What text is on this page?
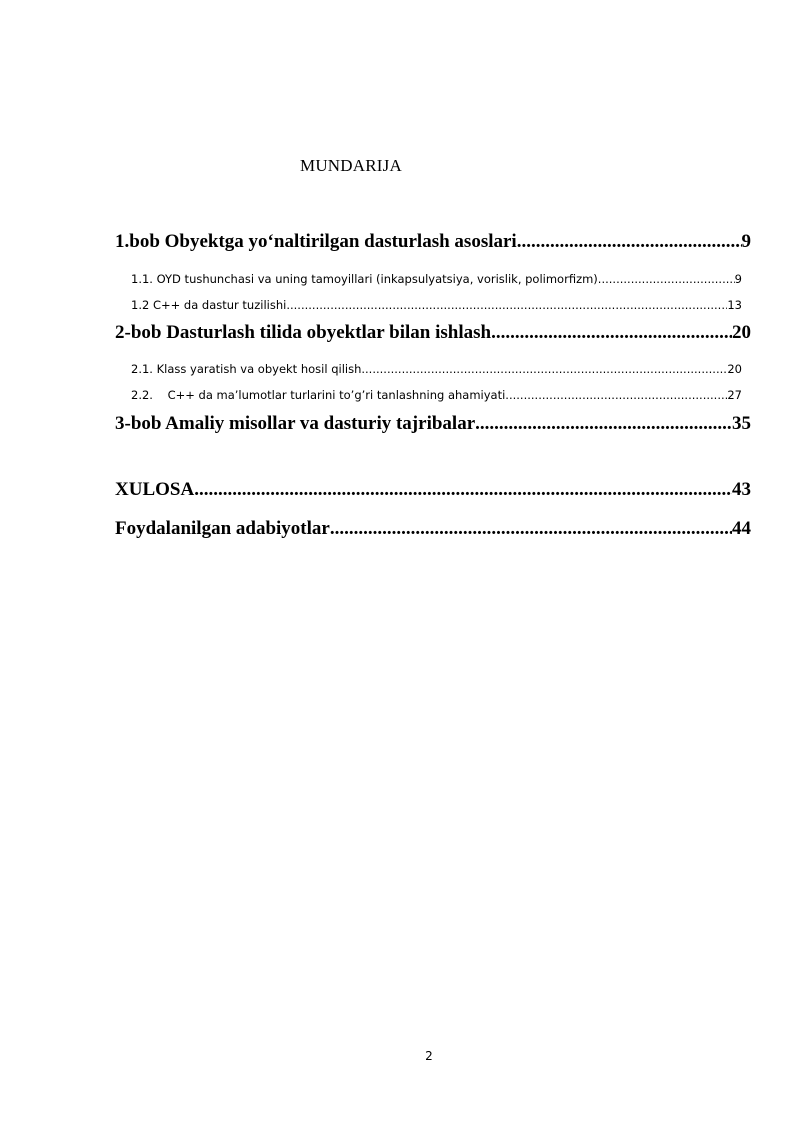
MUNDARIJA
1.bob Obyektga yo‘naltirilgan dasturlash asoslari .....	9
1.1. OYD tushunchasi va uning tamoyillari (inkapsulyatsiya, vorislik, polimorfizm) .....	9
1.2 C++ da dastur tuzilishi .....	13
2-bob Dasturlash tilida obyektlar bilan ishlash .....	20
2.1. Klass yaratish va obyekt hosil qilish .....	20
2.2.    C++ da ma’lumotlar turlarini to’g’ri tanlashning ahamiyati .....	27
3-bob Amaliy misollar va dasturiy tajribalar .....	35
XULOSA .....	43
Foydalanilgan adabiyotlar .....	44
2
